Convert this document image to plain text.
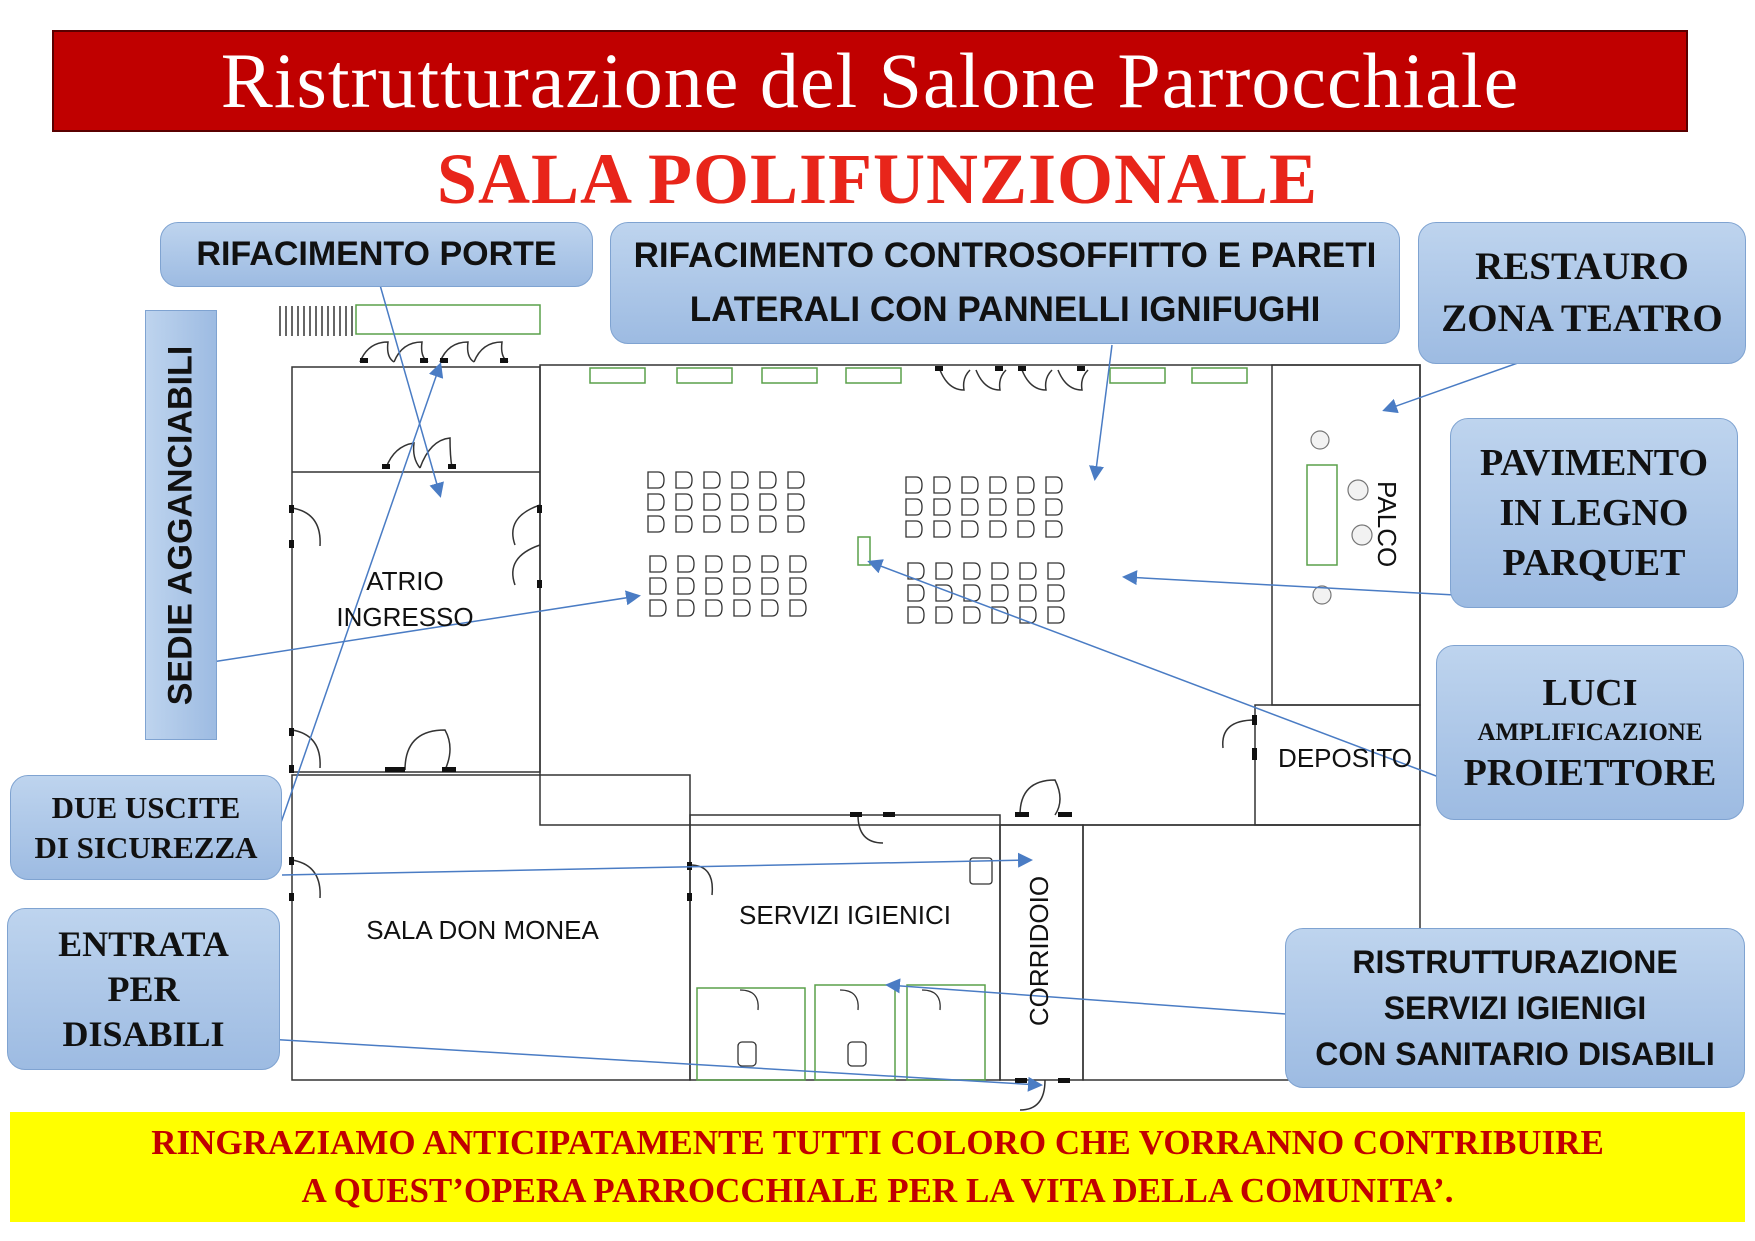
Ristrutturazione del Salone Parrocchiale
SALA POLIFUNZIONALE
ATRIO
INGRESSO
PALCO
DEPOSITO
SALA DON MONEA	SERVIZI IGIENICI	CORRIDOIO
RIFACIMENTO PORTE RIFACIMENTO CONTROSOFFITTO E PARETI
LATERALI CON PANNELLI IGNIFUGHI
RESTAURO
ZONA TEATRO
PAVIMENTO
IN LEGNO
PARQUET
LUCI
AMPLIFICAZIONE
PROIETTORE
SEDIE AGGANCIABILI
DUE USCITE
DI SICUREZZA
ENTRATA
PER
DISABILI
RISTRUTTURAZIONE
SERVIZI IGIENIGI
CON SANITARIO DISABILI
RINGRAZIAMO ANTICIPATAMENTE TUTTI COLORO CHE VORRANNO CONTRIBUIRE
A QUEST’OPERA PARROCCHIALE PER LA VITA DELLA COMUNITA’.
